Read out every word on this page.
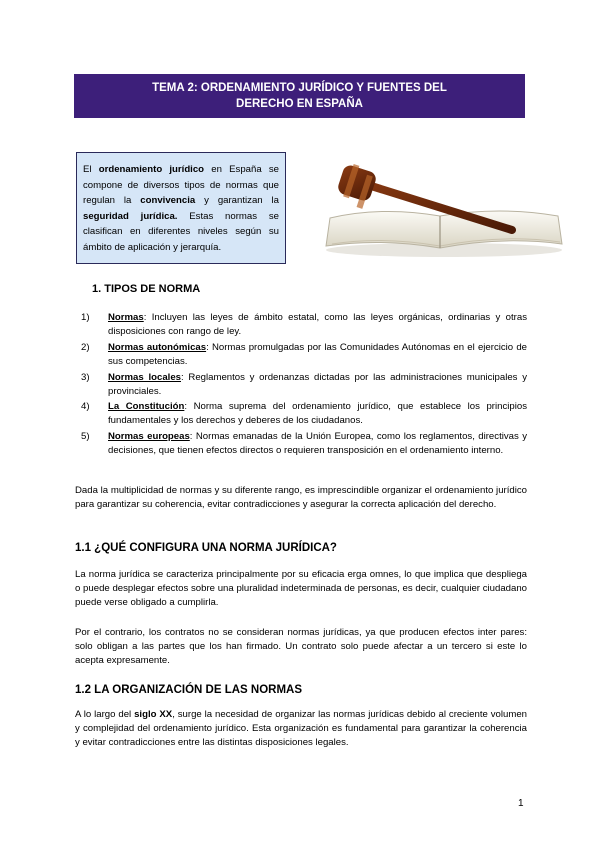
TEMA 2: ORDENAMIENTO JURÍDICO Y FUENTES DEL
DERECHO EN ESPAÑA
El ordenamiento jurídico en España se compone de diversos tipos de normas que regulan la convivencia y garantizan la seguridad jurídica. Estas normas se clasifican en diferentes niveles según su ámbito de aplicación y jerarquía.
1. TIPOS DE NORMA
1) Normas: Incluyen las leyes de ámbito estatal, como las leyes orgánicas, ordinarias y otras disposiciones con rango de ley.
2) Normas autonómicas: Normas promulgadas por las Comunidades Autónomas en el ejercicio de sus competencias.
3) Normas locales: Reglamentos y ordenanzas dictadas por las administraciones municipales y provinciales.
4) La Constitución: Norma suprema del ordenamiento jurídico, que establece los principios fundamentales y los derechos y deberes de los ciudadanos.
5) Normas europeas: Normas emanadas de la Unión Europea, como los reglamentos, directivas y decisiones, que tienen efectos directos o requieren transposición en el ordenamiento interno.
Dada la multiplicidad de normas y su diferente rango, es imprescindible organizar el ordenamiento jurídico para garantizar su coherencia, evitar contradicciones y asegurar la correcta aplicación del derecho.
1.1 ¿QUÉ CONFIGURA UNA NORMA JURÍDICA?
La norma jurídica se caracteriza principalmente por su eficacia erga omnes, lo que implica que despliega o puede desplegar efectos sobre una pluralidad indeterminada de personas, es decir, cualquier ciudadano puede verse obligado a cumplirla.
Por el contrario, los contratos no se consideran normas jurídicas, ya que producen efectos inter pares: solo obligan a las partes que los han firmado. Un contrato solo puede afectar a un tercero si este lo acepta expresamente.
1.2 LA ORGANIZACIÓN DE LAS NORMAS
A lo largo del siglo XX, surge la necesidad de organizar las normas jurídicas debido al creciente volumen y complejidad del ordenamiento jurídico. Esta organización es fundamental para garantizar la coherencia y evitar contradicciones entre las distintas disposiciones legales.
1
